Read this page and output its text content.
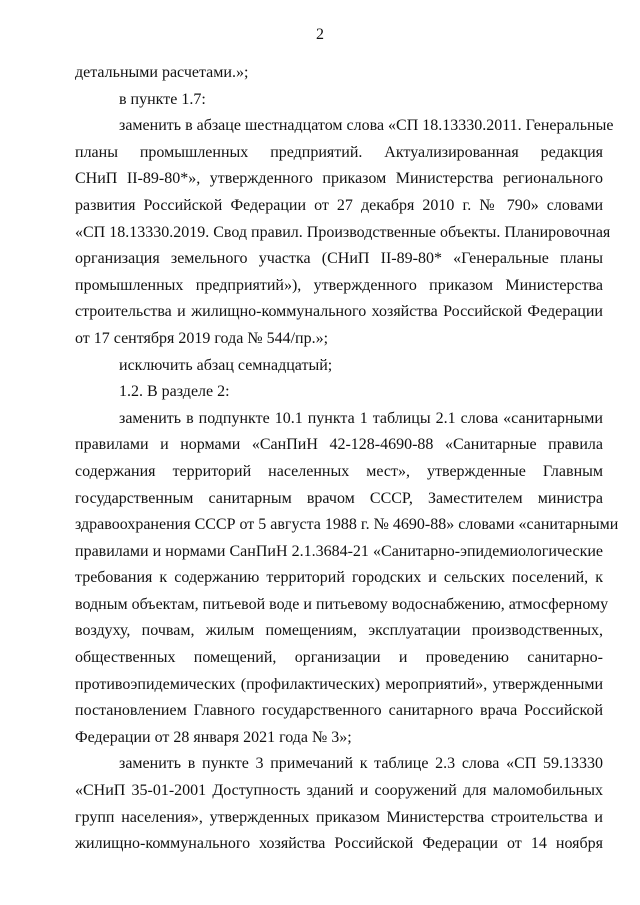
2
детальными расчетами.»;
в пункте 1.7:
заменить в абзаце шестнадцатом слова «СП 18.13330.2011. Генеральные
планы промышленных предприятий. Актуализированная редакция
СНиП II-89-80*», утвержденного приказом Министерства регионального
развития Российской Федерации от 27 декабря 2010 г. № 790» словами
«СП 18.13330.2019. Свод правил. Производственные объекты. Планировочная
организация земельного участка (СНиП II-89-80* «Генеральные планы
промышленных предприятий»), утвержденного приказом Министерства
строительства и жилищно-коммунального хозяйства Российской Федерации
от 17 сентября 2019 года № 544/пр.»;
исключить абзац семнадцатый;
1.2. В разделе 2:
заменить в подпункте 10.1 пункта 1 таблицы 2.1 слова «санитарными
правилами и нормами «СанПиН 42-128-4690-88 «Санитарные правила
содержания территорий населенных мест», утвержденные Главным
государственным санитарным врачом СССР, Заместителем министра
здравоохранения СССР от 5 августа 1988 г. № 4690-88» словами «санитарными
правилами и нормами СанПиН 2.1.3684-21 «Санитарно-эпидемиологические
требования к содержанию территорий городских и сельских поселений, к
водным объектам, питьевой воде и питьевому водоснабжению, атмосферному
воздуху, почвам, жилым помещениям, эксплуатации производственных,
общественных помещений, организации и проведению санитарно-
противоэпидемических (профилактических) мероприятий», утвержденными
постановлением Главного государственного санитарного врача Российской
Федерации от 28 января 2021 года № 3»;
заменить в пункте 3 примечаний к таблице 2.3 слова «СП 59.13330
«СНиП 35-01-2001 Доступность зданий и сооружений для маломобильных
групп населения», утвержденных приказом Министерства строительства и
жилищно-коммунального хозяйства Российской Федерации от 14 ноября
